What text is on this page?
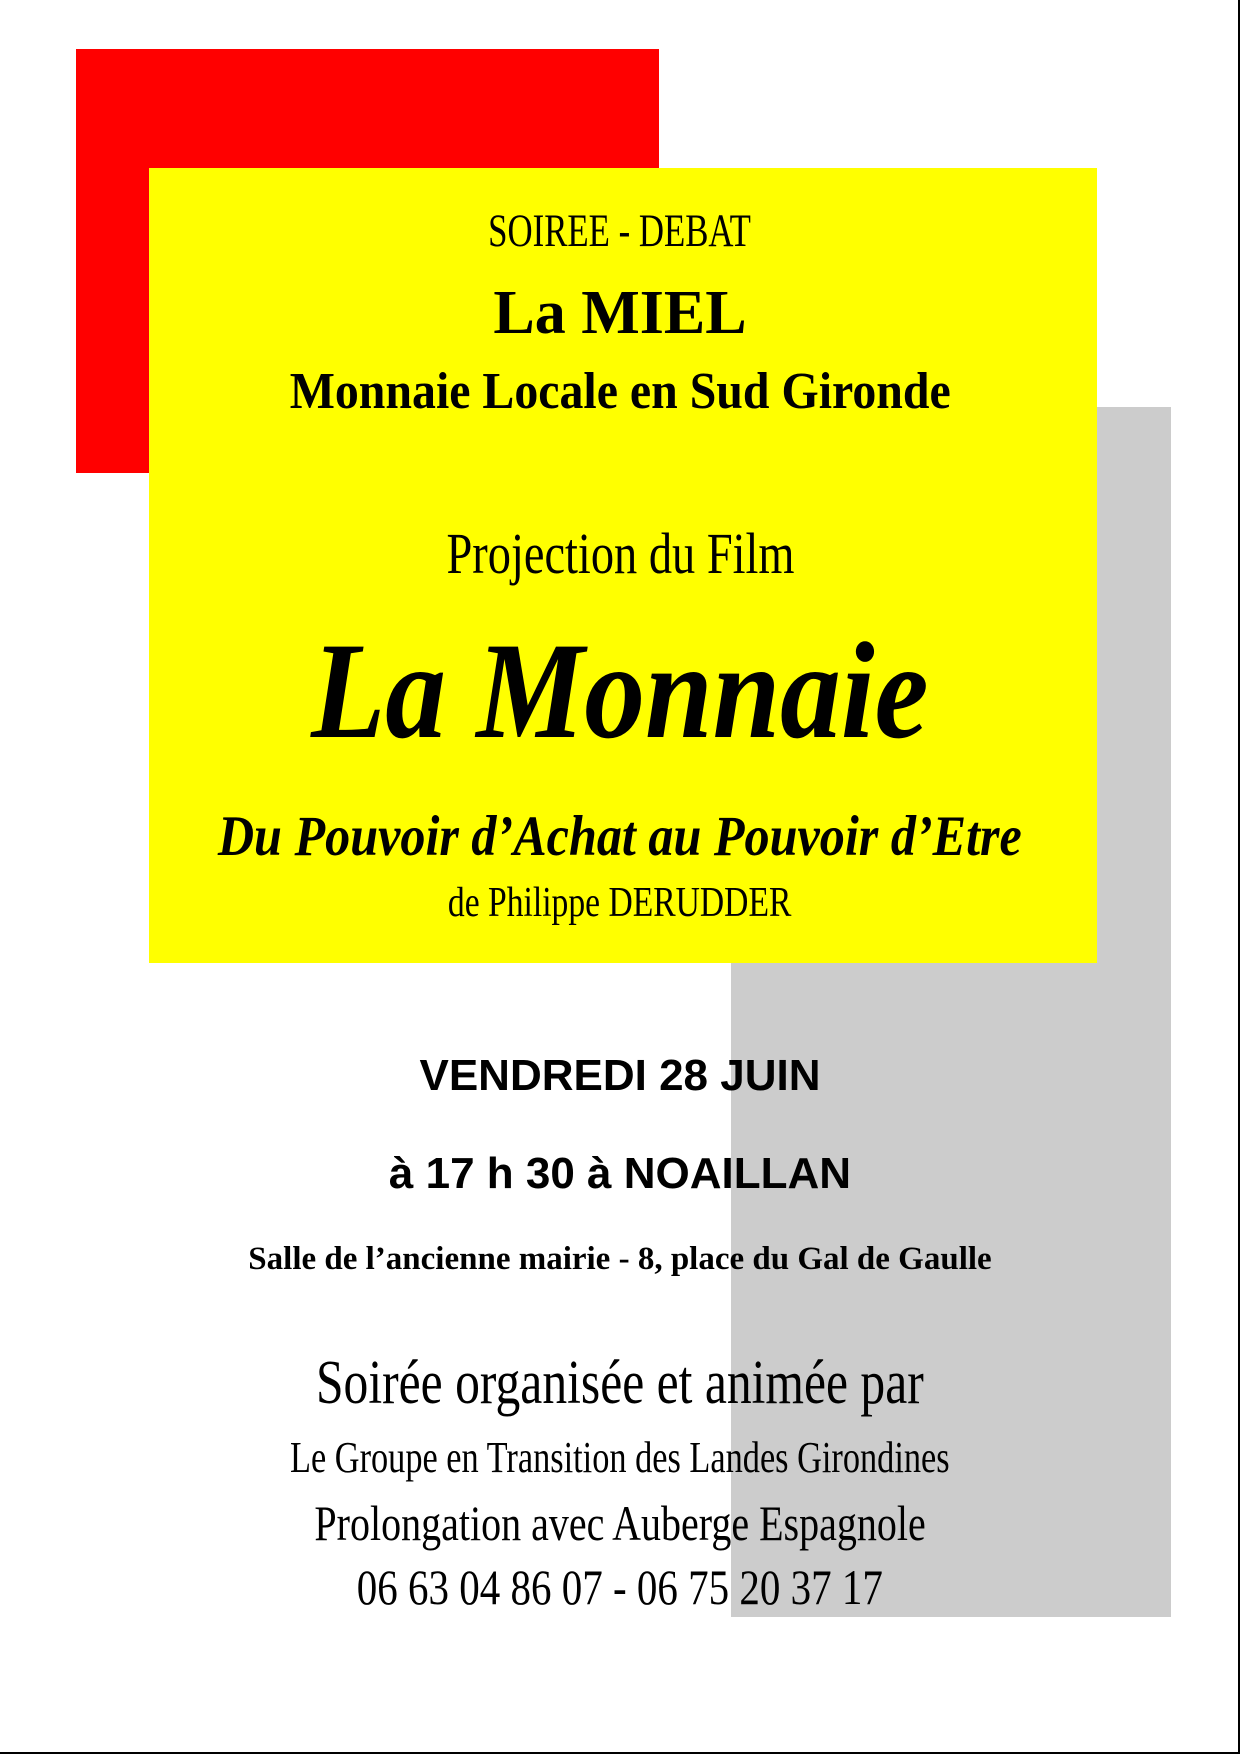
SOIREE - DEBAT
La MIEL
Monnaie Locale en Sud Gironde
Projection du Film
La Monnaie
Du Pouvoir d’Achat au Pouvoir d’Etre
de Philippe DERUDDER
VENDREDI 28 JUIN
à 17 h 30 à NOAILLAN
Salle de l’ancienne mairie - 8, place du Gal de Gaulle
Soirée organisée et animée par
Le Groupe en Transition des Landes Girondines
Prolongation avec Auberge Espagnole
06 63 04 86 07 - 06 75 20 37 17
